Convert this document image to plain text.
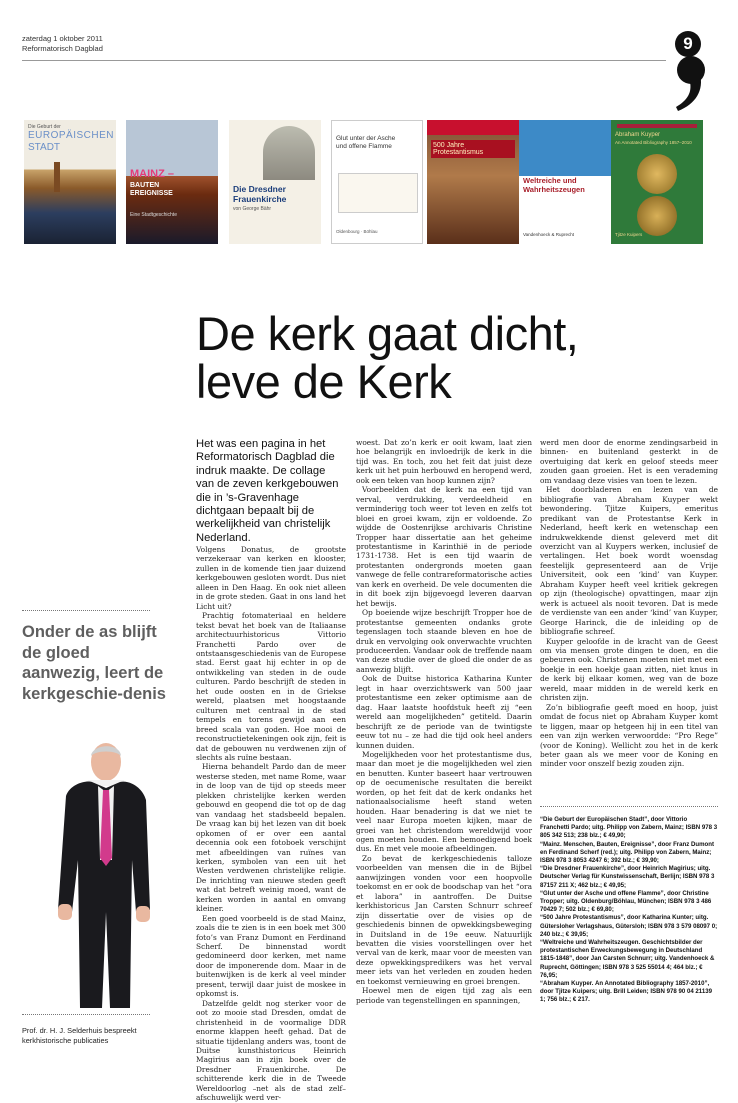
zaterdag 1 oktober 2011
Reformatorisch Dagblad	9
Die Geburt der
EUROPÄISCHEN
STADT
MAINZ –
BAUTEN
EREIGNISSE
Eine Stadtgeschichte
Die Dresdner
Frauenkirche
von George Bähr
Glut unter der Asche
und offene Flamme
Oldenbourg · Böhlau
500 Jahre Protestantismus
Weltreiche und
Wahrheitszeugen
Vandenhoeck & Ruprecht
Abraham Kuyper
An Annotated Bibliography 1857–2010
Tjitze Kuipers
De kerk gaat dicht,
leve de Kerk
Het was een pagina in het Reformatorisch Dagblad die indruk maakte. De collage van de zeven kerkgebouwen die in ’s-Gravenhage dichtgaan bepaalt bij de werkelijkheid van christelijk Nederland.

Volgens Donatus, de grootste verzekeraar van kerken en klooster, zullen in de komende tien jaar duizend kerkgebouwen gesloten wordt. Dus niet alleen in Den Haag. En ook niet alleen in de grote steden. Gaat in ons land het Licht uit?

Prachtig fotomateriaal en heldere tekst bevat het boek van de Italiaanse architectuurhistoricus Vittorio Franchetti Pardo over de ontstaansgeschiedenis van de Europese stad. Eerst gaat hij echter in op de ontwikkeling van steden in de oude culturen. Pardo beschrijft de steden in het oude oosten en in de Griekse wereld, plaatsen met hoogstaande culturen met centraal in de stad tempels en torens gewijd aan een breed scala van goden. Hoe mooi de reconstructietekeningen ook zijn, feit is dat de gebouwen nu verdwenen zijn of slechts als ruïne bestaan.

Hierna behandelt Pardo dan de meer westerse steden, met name Rome, waar in de loop van de tijd op steeds meer plekken christelijke kerken werden gebouwd en geopend die tot op de dag van vandaag het stadsbeeld bepalen. De vraag kan bij het lezen van dit boek opkomen of er over een aantal decennia ook een fotoboek verschijnt met afbeeldingen van ruïnes van kerken, symbolen van een uit het Westen verdwenen christelijke religie. De inrichting van nieuwe steden geeft wat dat betreft weinig moed, want de kerken worden in aantal en omvang kleiner.

Een goed voorbeeld is de stad Mainz, zoals die te zien is in een boek met 300 foto’s van Franz Dumont en Ferdinand Scherf. De binnenstad wordt gedomineerd door kerken, met name door de imponerende dom. Maar in de buitenwijken is de kerk al veel minder present, terwijl daar juist de moskee in opkomst is.

Datzelfde geldt nog sterker voor de oot zo mooie stad Dresden, omdat de christenheid in de voormalige DDR enorme klappen heeft gehad. Dat de situatie tijdenlang anders was, toont de Duitse kunsthistoricus Heinrich Magirius aan in zijn boek over de Dresdner Frauenkirche. De schitterende kerk die in de Tweede Wereldoorlog –net als de stad zelf– afschuwelijk werd ver-

woest. Dat zo’n kerk er ooit kwam, laat zien hoe belangrijk en invloedrijk de kerk in die tijd was. En toch, zou het feit dat juist deze kerk uit het puin herbouwd en heropend werd, ook een teken van hoop kunnen zijn?

Voorbeelden dat de kerk na een tijd van verval, verdrukking, verdeeldheid en verminderiŋg toch weer tot leven en zelfs tot bloei en groei kwam, zijn er voldoende. Zo wijdde de Oostenrijkse archivaris Christine Tropper haar dissertatie aan het geheime protestantisme in Karinthië in de periode 1731-1738. Het is een tijd waarin de protestanten ondergronds moeten gaan vanwege de felle contrareformatorische acties van kerk en overheid. De vele documenten die in dit boek zijn bijgevoegd leveren daarvan het bewijs.

Op boeiende wijze beschrijft Tropper hoe de protestantse gemeenten ondanks grote tegenslagen toch staande bleven en hoe de druk en vervolging ook onverwachte vruchten produceerden. Vandaar ook de treffende naam van deze studie over de gloed die onder de as aanwezig blijft.

Ook de Duitse historica Katharina Kunter legt in haar overzichtswerk van 500 jaar protestantisme een zeker optimisme aan de dag. Haar laatste hoofdstuk heeft zij “een wereld aan mogelijkheden” getiteld. Daarin beschrijft ze de periode van de twintigste eeuw tot nu – ze had die tijd ook heel anders kunnen duiden.

Mogelijkheden voor het protestantisme dus, maar dan moet je die mogelijkheden wel zien en benutten. Kunter baseert haar vertrouwen op de oecumenische resultaten die bereikt worden, op het feit dat de kerk ondanks het nationaalsocialisme heeft stand weten houden. Haar benadering is dat we niet te veel naar Europa moeten kijken, maar de groei van het christendom wereldwijd voor ogen moeten houden. Een bemoedigend boek dus. En met vele mooie afbeeldingen.

Zo bevat de kerkgeschiedenis talloze voorbeelden van mensen die in de Bijbel aanwijzingen vonden voor een hoopvolle toekomst en er ook de boodschap van het “ora et labora” in aantroffen. De Duitse kerkhistoricus Jan Carsten Schnurr schreef zijn dissertatie over de visies op de geschiedenis binnen de opwekkingsbeweging in Duitsland in de 19e eeuw. Natuurlijk bevatten die visies voorstellingen over het verval van de kerk, maar voor de meesten van deze opwekkingspredikers was het verval meer iets van het verleden en zouden heden en toekomst vernieuwing en groei brengen.

Hoewel men de eigen tijd zag als een periode van tegenstellingen en spanningen,

werd men door de enorme zendingsarbeid in binnen- en buitenland gesterkt in de overtuiging dat kerk en geloof steeds meer zouden gaan groeien. Het is een verademing om vandaag deze visies van toen te lezen.

Het doorbladeren en lezen van de bibliografie van Abraham Kuyper wekt bewondering. Tjitze Kuipers, emeritus predikant van de Protestantse Kerk in Nederland, heeft kerk en wetenschap een indrukwekkende dienst geleverd met dit overzicht van al Kuypers werken, inclusief de vertalingen. Het boek wordt woensdag feestelijk gepresenteerd aan de Vrije Universiteit, ook een ‘kind’ van Kuyper. Abraham Kuyper heeft veel kritiek gekregen op zijn (theologische) opvattingen, maar zijn werk is actueel als nooit tevoren. Dat is mede de verdienste van een ander ‘kind’ van Kuyper, George Harinck, die de inleiding op de bibliografie schreef.

Kuyper geloofde in de kracht van de Geest om via mensen grote dingen te doen, en die gebeuren ook. Christenen moeten niet met een boekje in een hoekje gaan zitten, niet knus in de kerk bij elkaar komen, weg van de boze wereld, maar midden in de wereld kerk en christen zijn.

Zo’n bibliografie geeft moed en hoop, juist omdat de focus niet op Abraham Kuyper komt te liggen, maar op hetgeen hij in een titel van een van zijn werken verwoordde: “Pro Rege” (voor de Koning). Wellicht zou het in de kerk beter gaan als we meer voor de Koning en minder voor onszelf bezig zouden zijn.

“Die Geburt der Europäischen Stadt”, door Vittorio Franchetti Pardo; uitg. Philipp von Zabern, Mainz; ISBN 978 3 805 342 513; 238 blz.; € 49,90;
“Mainz. Menschen, Bauten, Ereignisse”, door Franz Dumont en Ferdinand Scherf (red.); uitg. Philipp von Zabern, Mainz; ISBN 978 3 8053 4247 6; 392 blz.; € 39,90;
“Die Dresdner Frauenkirche”, door Heinrich Magirius; uitg. Deutscher Verlag für Kunstwissenschaft, Berlijn; ISBN 978 3 87157 211 X; 462 blz.; € 49,95;
“Glut unter der Asche und offene Flamme”, door Christine Tropper; uitg. Oldenburg/Böhlau, München; ISBN 978 3 486 70429 7; 502 blz.; € 69,80;
“500 Jahre Protestantismus”, door Katharina Kunter; uitg. Gütersloher Verlagshaus, Gütersloh; ISBN 978 3 579 08097 0; 240 blz.; € 39,95;
“Weltreiche und Wahrheitszeugen. Geschichtsbilder der protestantischen Erweckungsbewegung in Deutschland 1815-1848”, door Jan Carsten Schnurr; uitg. Vandenhoeck & Ruprecht, Göttingen; ISBN 978 3 525 55014 4; 464 blz.; € 76,95;
“Abraham Kuyper. An Annotated Bibliography 1857-2010”, door Tjitze Kuipers; uitg. Brill Leiden; ISBN 978 90 04 21139 1; 756 blz.; € 217.
Onder de as blijft de gloed aanwezig, leert de kerkgeschie-denis
Prof. dr. H. J. Selderhuis bespreekt kerkhistorische publicaties
